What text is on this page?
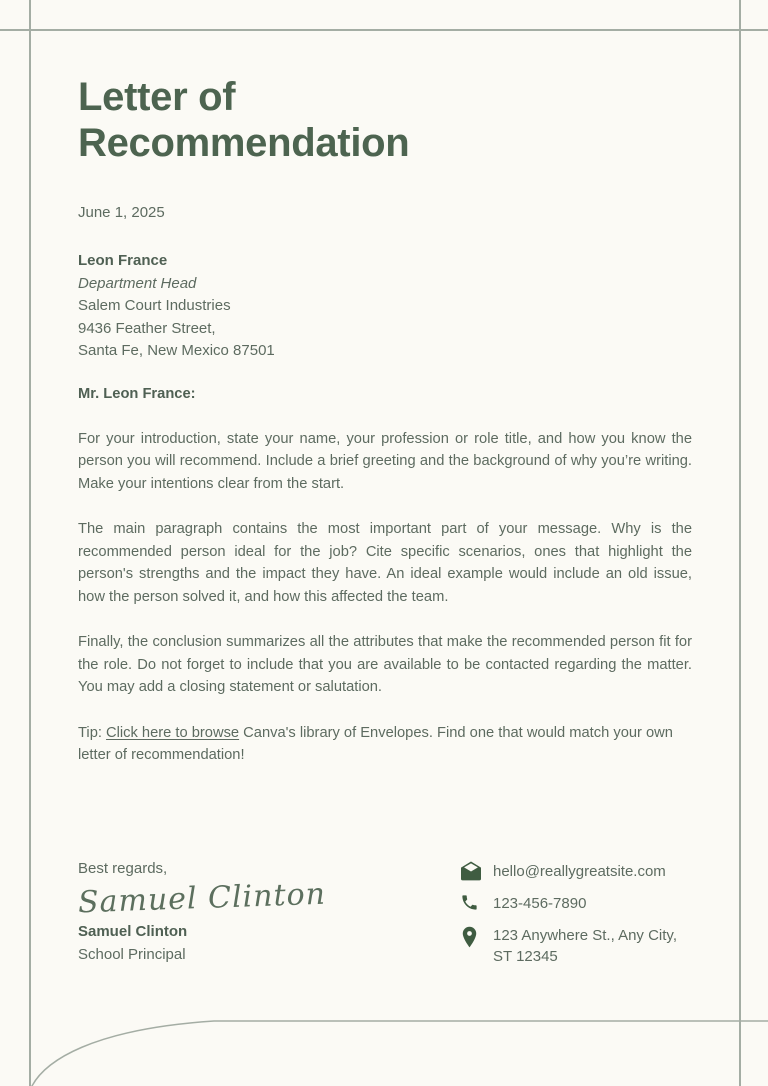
Letter of
Recommendation
June 1, 2025
Leon France
Department Head
Salem Court Industries
9436 Feather Street,
Santa Fe, New Mexico 87501

Mr. Leon France:

For your introduction, state your name, your profession or role title, and how you know the person you will recommend. Include a brief greeting and the background of why you’re writing. Make your intentions clear from the start.

The main paragraph contains the most important part of your message. Why is the recommended person ideal for the job? Cite specific scenarios, ones that highlight the person's strengths and the impact they have. An ideal example would include an old issue, how the person solved it, and how this affected the team.

Finally, the conclusion summarizes all the attributes that make the recommended person fit for the role. Do not forget to include that you are available to be contacted regarding the matter. You may add a closing statement or salutation.

Tip: Click here to browse Canva's library of Envelopes. Find one that would match your own letter of recommendation!

Best regards,

Samuel Clinton

Samuel Clinton

School Principal

hello@reallygreatsite.com
123-456-7890
123 Anywhere St., Any City,
ST 12345
